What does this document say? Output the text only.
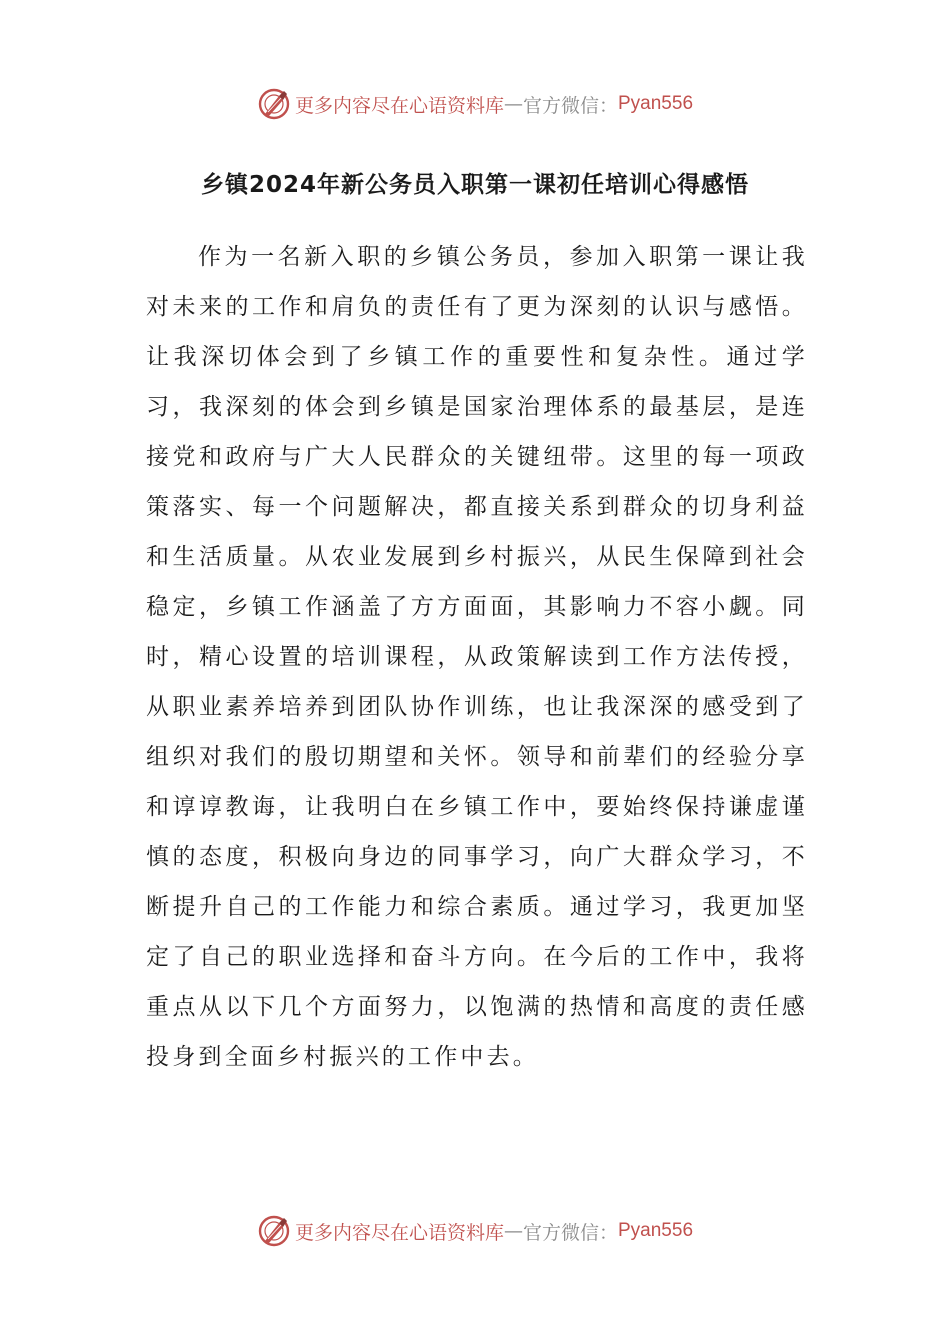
更多内容尽在心语资料库 — 官方微信： Pyan556
乡镇2024年新公务员入职第一课初任培训心得感悟

作为一名新入职的乡镇公务员，参加入职第一课让我对未来的工作和肩负的责任有了更为深刻的认识与感悟。让我深切体会到了乡镇工作的重要性和复杂性。通过学习，我深刻的体会到乡镇是国家治理体系的最基层，是连接党和政府与广大人民群众的关键纽带。这里的每一项政策落实、每一个问题解决，都直接关系到群众的切身利益和生活质量。从农业发展到乡村振兴，从民生保障到社会稳定，乡镇工作涵盖了方方面面，其影响力不容小觑。同时，精心设置的培训课程，从政策解读到工作方法传授，从职业素养培养到团队协作训练，也让我深深的感受到了组织对我们的殷切期望和关怀。领导和前辈们的经验分享和谆谆教诲，让我明白在乡镇工作中，要始终保持谦虚谨慎的态度，积极向身边的同事学习，向广大群众学习，不断提升自己的工作能力和综合素质。通过学习，我更加坚定了自己的职业选择和奋斗方向。在今后的工作中，我将重点从以下几个方面努力，以饱满的热情和高度的责任感投身到全面乡村振兴的工作中去。

更多内容尽在心语资料库 — 官方微信： Pyan556
